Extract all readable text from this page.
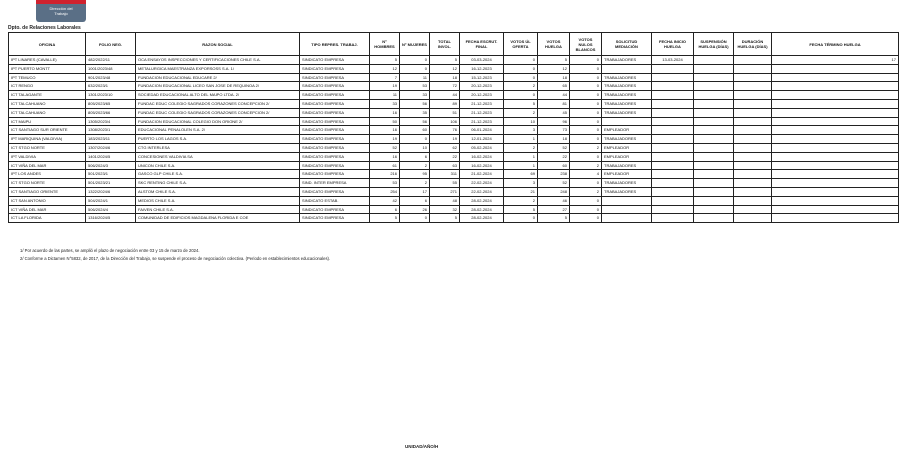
Dirección del
Trabajo
Dpto. de Relaciones Laborales
OFICINA	FOLIO NEG.	RAZON SOCIAL	TIPO REPRES. TRABAJ.	N° HOMBRES	N° MUJERES	TOTAL INVOL.	FECHA ESCRUT. FINAL	VOTOS ÚL OFERTA	VOTOS HUELGA	VOTOS NULOS BLANCOS	SOLICITUD MEDIACIÓN	FECHA INICIO HUELGA	SUSPENSIÓN HUELGA (DÍAS)	DURACIÓN HUELGA (DÍAS)	FECHA TÉRMINO HUELGA
IPT LINARES (CAVALLE)	482/2022/11	OCA ENSAYOS INSPECCIONES Y CERTIFICACIONES CHILE S.A.	SINDICATO EMPRESA	5	0	5	03-03-2024	0	5	0	TRABAJADORES	13-03-2024			17
IPT PUERTO MONTT	1001/2023/48	METALURGICA MAESTRANZA EXPORSOSS S.A. 1/	SINDICATO EMPRESA	12	0	12	16-12-2023	0	12	0					
IPT TEMUCO	901/2023/48	FUNDACION EDUCACIONAL EDUCARE 2/	SINDICATO EMPRESA	7	11	18	15-12-2023	0	18	0	TRABAJADORES				
ICT RENGO	632/2023/1	FUNDACION EDUCACIONAL LICEO SAN JOSE DE REQUINOA 2/	SINDICATO EMPRESA	19	53	72	20-12-2023	2	65	0	TRABAJADORES				
ICT TALAGANTE	1301/2023/10	SOCIEDAD EDUCACIONAL ALTO DEL MAIPO LTDA. 2/	SINDICATO EMPRESA	11	33	44	20-12-2023	0	44	0	TRABAJADORES				
ICT TALCAHUANO	805/2023/65	FUNDAC EDUC COLEGIO SAGRADOS CORAZONES CONCEPCION 2/	SINDICATO EMPRESA	33	56	89	21-12-2023	5	81	0	TRABAJADORES				
ICT TALCAHUANO	805/2023/66	FUNDAC EDUC COLEGIO SAGRADOS CORAZONES CONCEPCION 2/	SINDICATO EMPRESA	16	35	51	21-12-2023	2	45	0	TRABAJADORES				
ICT MAIPU	1305/2023/4	FUNDACION EDUCACIONAL COLEGIO DON ORIONE 2/	SINDICATO EMPRESA	50	56	106	21-12-2023	10	96	0					
ICT SANTIAGO SUR ORIENTE	1308/2023/1	EDUCACIONAL PENALOLEN S.A. 2/	SINDICATO EMPRESA	16	60	76	06-01-2024	3	73	0	EMPLEADOR				
IPT MARIQUINA (VALDIVIA)	183/2023/11	PUERTO LOS LAGOS S.A.	SINDICATO EMPRESA	19	0	19	12-01-2024	1	18	0	TRABAJADORES				
ICT STGO NORTE	1307/2024/6	CTG INTERLESA	SINDICATO EMPRESA	52	10	62	05-02-2024	2	52	2	EMPLEADOR				
IPT VALDIVIA	1401/2024/5	CONCESIONES VALDIVIA SA	SINDICATO EMPRESA	16	6	22	16-02-2024	1	22	0	EMPLEADOR				
ICT VIÑA DEL MAR	506/2024/3	UNICON CHILE S.A.	SINDICATO EMPRESA	61	2	63	16-02-2024	1	60	2	TRABAJADORES				
IPT LOS ANDES	501/2023/1	GASCO GLP CHILE S.A.	SINDICATO EMPRESA	216	95	311	21-02-2024	69	238	4	EMPLEADOR				
ICT STGO NORTE	501/2023/21	SKC RENTING CHILE S.A.	SIND. INTER EMPRESA	53	2	55	22-02-2024	3	52	0	TRABAJADORES				
ICT SANTIAGO ORIENTE	1322/2024/6	ALSTOM CHILE S.A.	SINDICATO EMPRESA	254	17	271	22-02-2024	21	248	2	TRABAJADORES				
ICT SAN ANTONIO	504/2024/1	MEDIOS CHILE S.A.	SINDICATO ESTAB.	42	6	48	28-02-2024	2	46	0					
ICT VIÑA DEL MAR	506/2024/4	FAIVEN CHILE S.A.	SINDICATO EMPRESA	6	26	32	28-02-2024	5	27	0					
ICT LA FLORIDA	1316/2024/5	COMUNIDAD DE EDIFICIOS MAGDALENA FLORIDA E COE	SINDICATO EMPRESA	5	0	5	28-02-2024	0	5	0					
1/ Por acuerdo de las partes, se amplió el plazo de negociación entre 03 y 15 de marzo de 2024.
2/ Conforme a Dictamen N°5832, de 2017, de la Dirección del Trabajo, se suspende el proceso de negociación colectiva. (Periodo en establecimientos educacionales).
UNIDAD/AÑO/H
